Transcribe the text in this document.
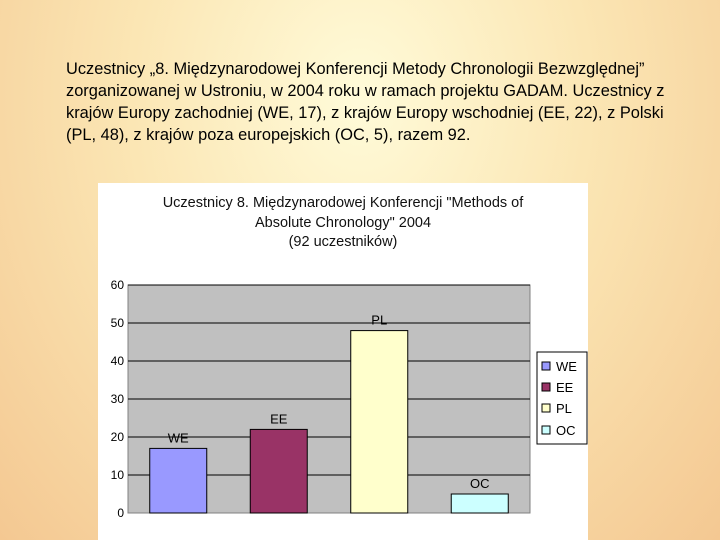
Uczestnicy „8. Międzynarodowej Konferencji Metody Chronologii Bezwzględnej” zorganizowanej w Ustroniu, w 2004 roku w ramach projektu GADAM. Uczestnicy z krajów Europy zachodniej (WE, 17), z krajów Europy wschodniej (EE, 22), z Polski (PL, 48), z krajów poza europejskich (OC, 5), razem 92.
Uczestnicy 8. Międzynarodowej Konferencji "Methods of
Absolute Chronology" 2004
(92 uczestników)
0
10
20
30
40
50
60
WE
EE
PL
OC
WE
EE
PL
OC
